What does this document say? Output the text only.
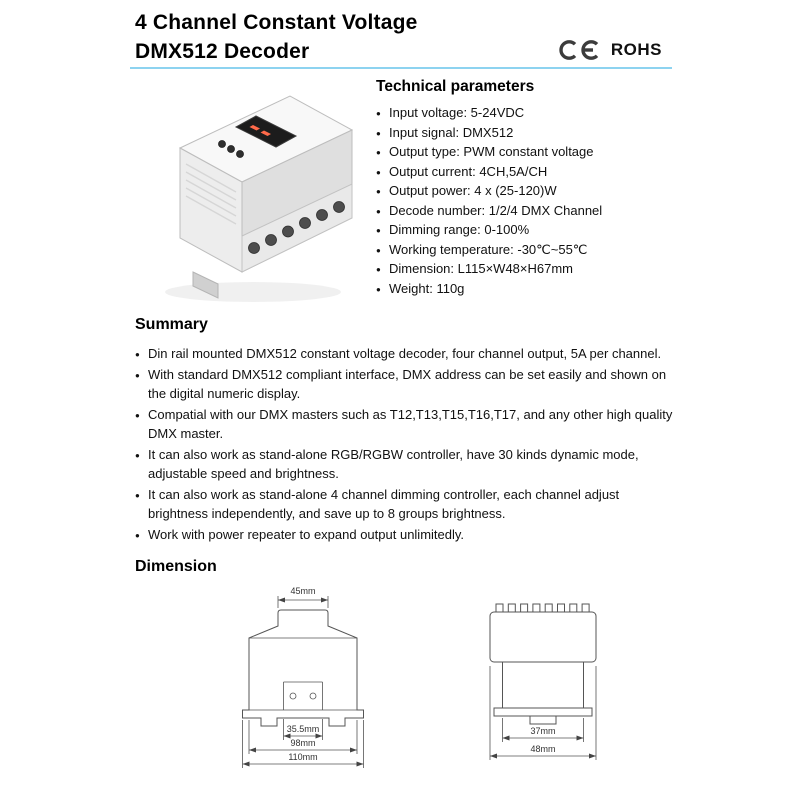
4 Channel Constant Voltage
DMX512 Decoder	ROHS
Technical parameters
● Input voltage: 5-24VDC
● Input signal: DMX512
● Output type: PWM constant voltage
● Output current: 4CH,5A/CH
● Output power: 4 x (25-120)W
● Decode number: 1/2/4 DMX Channel
● Dimming range: 0-100%
● Working temperature: -30℃~55℃
● Dimension: L115×W48×H67mm
● Weight: 110g
Summary
● Din rail mounted DMX512 constant voltage decoder, four channel output, 5A per channel.
● With standard DMX512 compliant interface, DMX address can be set easily and shown on the digital numeric display.
● Compatial with our DMX masters such as T12,T13,T15,T16,T17, and any other high quality DMX master.
● It can also work as stand-alone RGB/RGBW controller, have 30 kinds dynamic mode, adjustable speed and brightness.
● It can also work as stand-alone 4 channel dimming controller, each channel adjust brightness independently, and save up to 8 groups brightness.
● Work with power repeater to expand output unlimitedly.
Dimension
45mm
35.5mm
98mm
110mm
37mm
48mm
